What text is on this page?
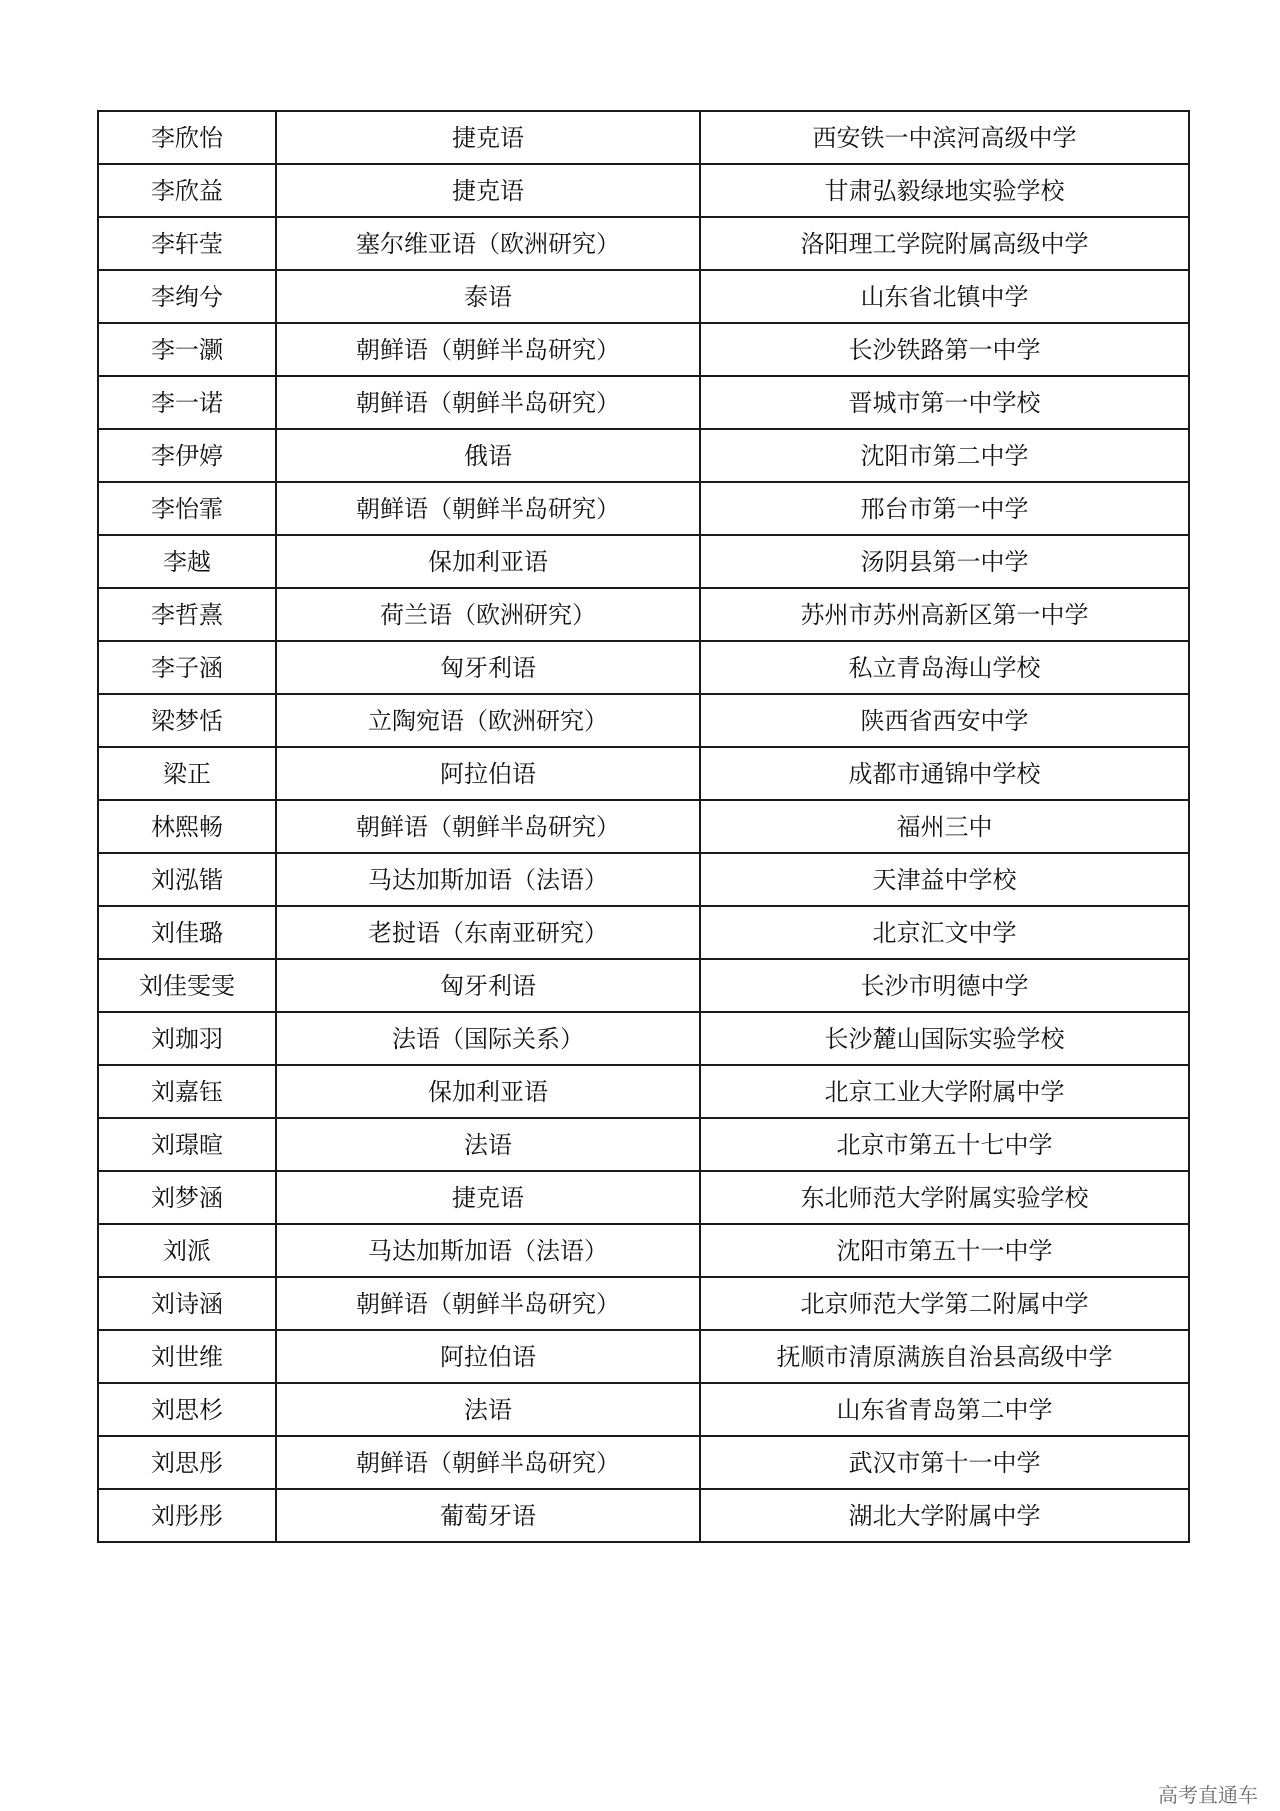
李欣怡	捷克语	西安铁一中滨河高级中学
李欣益	捷克语	甘肃弘毅绿地实验学校
李轩莹	塞尔维亚语（欧洲研究）	洛阳理工学院附属高级中学
李绚兮	泰语	山东省北镇中学
李一灏	朝鲜语（朝鲜半岛研究）	长沙铁路第一中学
李一诺	朝鲜语（朝鲜半岛研究）	晋城市第一中学校
李伊婷	俄语	沈阳市第二中学
李怡霏	朝鲜语（朝鲜半岛研究）	邢台市第一中学
李越	保加利亚语	汤阴县第一中学
李哲熹	荷兰语（欧洲研究）	苏州市苏州高新区第一中学
李子涵	匈牙利语	私立青岛海山学校
梁梦恬	立陶宛语（欧洲研究）	陕西省西安中学
梁正	阿拉伯语	成都市通锦中学校
林熙畅	朝鲜语（朝鲜半岛研究）	福州三中
刘泓锴	马达加斯加语（法语）	天津益中学校
刘佳璐	老挝语（东南亚研究）	北京汇文中学
刘佳雯雯	匈牙利语	长沙市明德中学
刘珈羽	法语（国际关系）	长沙麓山国际实验学校
刘嘉钰	保加利亚语	北京工业大学附属中学
刘璟暄	法语	北京市第五十七中学
刘梦涵	捷克语	东北师范大学附属实验学校
刘派	马达加斯加语（法语）	沈阳市第五十一中学
刘诗涵	朝鲜语（朝鲜半岛研究）	北京师范大学第二附属中学
刘世维	阿拉伯语	抚顺市清原满族自治县高级中学
刘思杉	法语	山东省青岛第二中学
刘思彤	朝鲜语（朝鲜半岛研究）	武汉市第十一中学
刘彤彤	葡萄牙语	湖北大学附属中学
高考直通车
